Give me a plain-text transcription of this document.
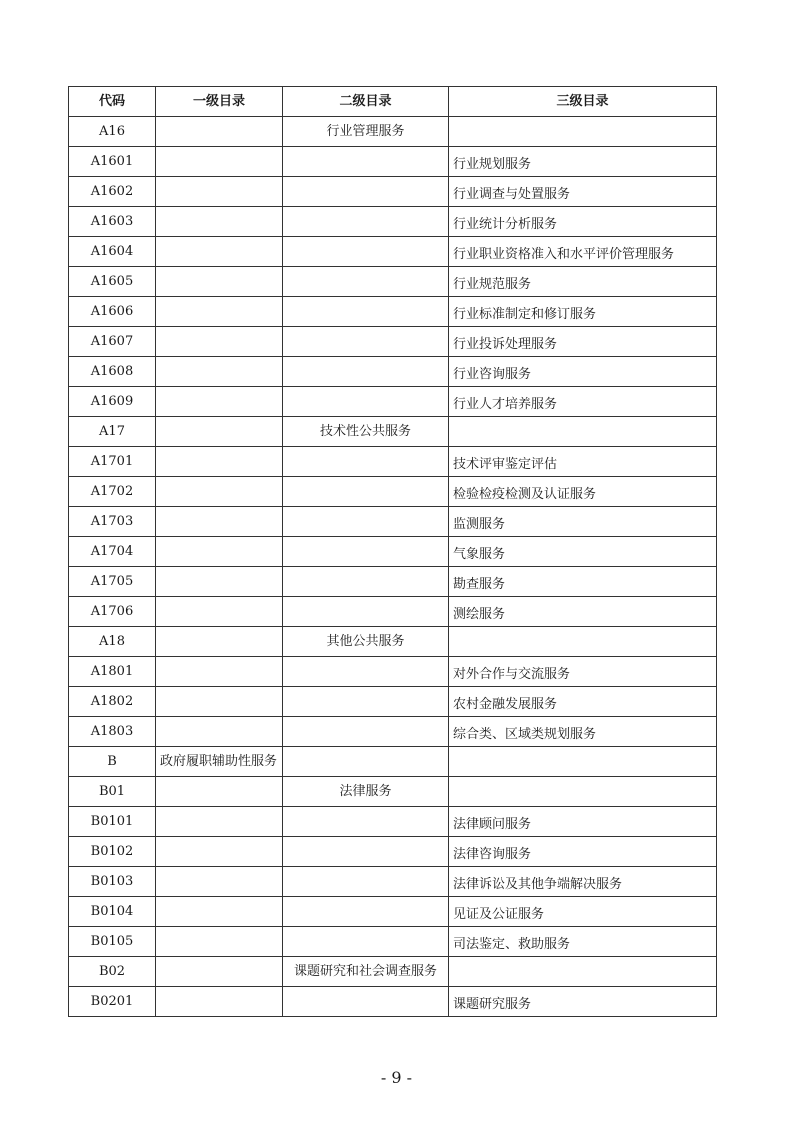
代码	一级目录	二级目录	三级目录
A16		行业管理服务	
A1601			行业规划服务
A1602			行业调查与处置服务
A1603			行业统计分析服务
A1604			行业职业资格准入和水平评价管理服务
A1605			行业规范服务
A1606			行业标准制定和修订服务
A1607			行业投诉处理服务
A1608			行业咨询服务
A1609			行业人才培养服务
A17		技术性公共服务	
A1701			技术评审鉴定评估
A1702			检验检疫检测及认证服务
A1703			监测服务
A1704			气象服务
A1705			勘查服务
A1706			测绘服务
A18		其他公共服务	
A1801			对外合作与交流服务
A1802			农村金融发展服务
A1803			综合类、区域类规划服务
B	政府履职辅助性服务		
B01		法律服务	
B0101			法律顾问服务
B0102			法律咨询服务
B0103			法律诉讼及其他争端解决服务
B0104			见证及公证服务
B0105			司法鉴定、救助服务
B02		课题研究和社会调查服务	
B0201			课题研究服务
- 9 -
